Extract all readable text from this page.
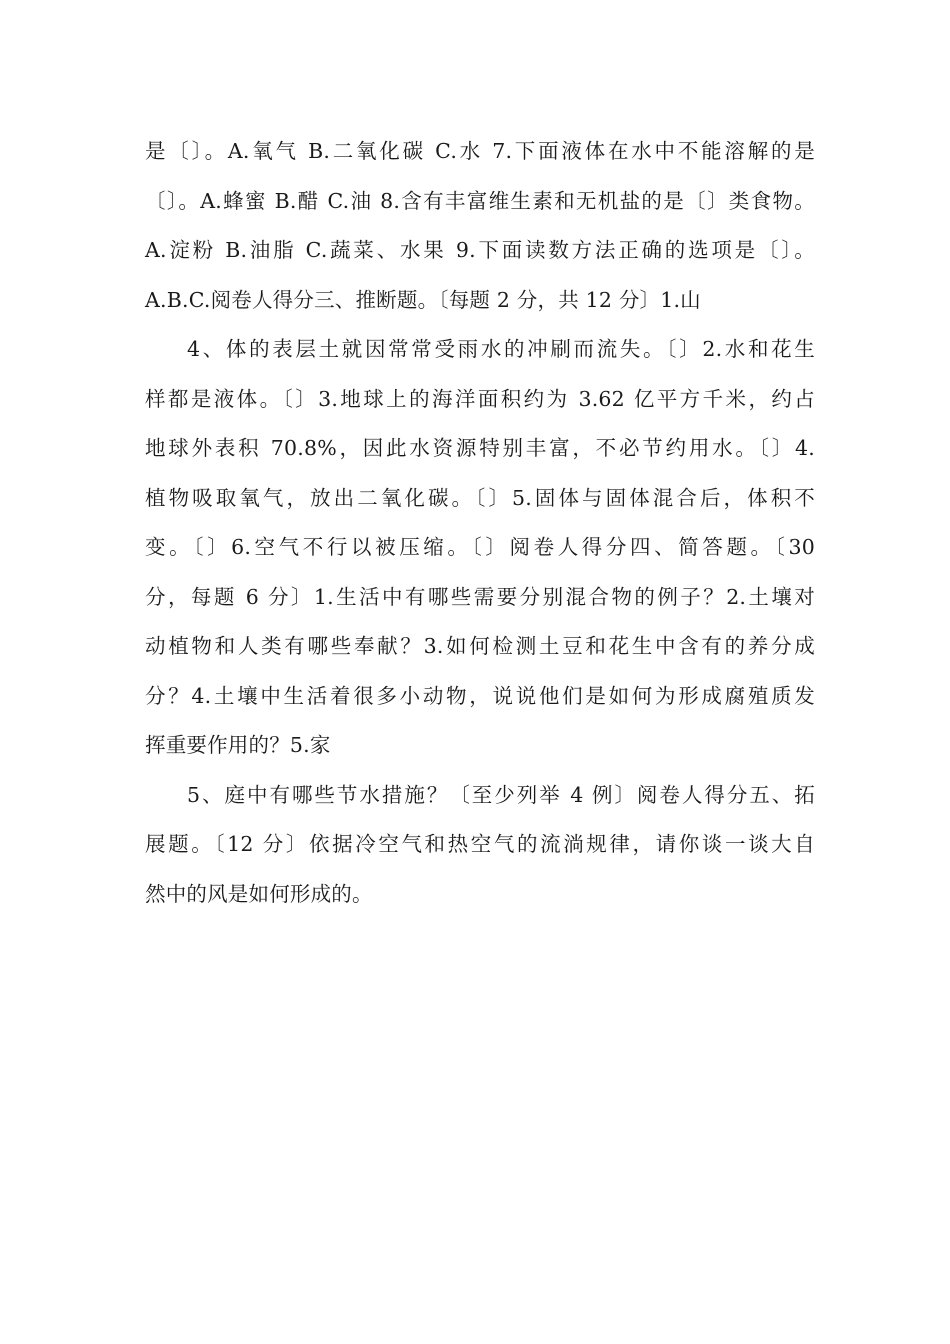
是〔〕。A.氧气 B.二氧化碳 C.水 7.下面液体在水中不能溶解的是
〔〕。A.蜂蜜 B.醋 C.油 8.含有丰富维生素和无机盐的是〔〕类食物。
A.淀粉 B.油脂 C.蔬菜、水果 9.下面读数方法正确的选项是〔〕。
A.B.C.阅卷人得分三、推断题。〔每题 2 分，共 12 分〕1.山
4、体的表层土就因常常受雨水的冲刷而流失。〔〕2.水和花生
样都是液体。〔〕3.地球上的海洋面积约为 3.62 亿平方千米，约占
地球外表积 70.8%，因此水资源特别丰富，不必节约用水。〔〕4.
植物吸取氧气，放出二氧化碳。〔〕5.固体与固体混合后，体积不
变。〔〕6.空气不行以被压缩。〔〕阅卷人得分四、简答题。〔30
分，每题 6 分〕1.生活中有哪些需要分别混合物的例子？2.土壤对
动植物和人类有哪些奉献？3.如何检测土豆和花生中含有的养分成
分？4.土壤中生活着很多小动物，说说他们是如何为形成腐殖质发
挥重要作用的？5.家
5、庭中有哪些节水措施？〔至少列举 4 例〕阅卷人得分五、拓
展题。〔12 分〕依据冷空气和热空气的流淌规律，请你谈一谈大自
然中的风是如何形成的。
